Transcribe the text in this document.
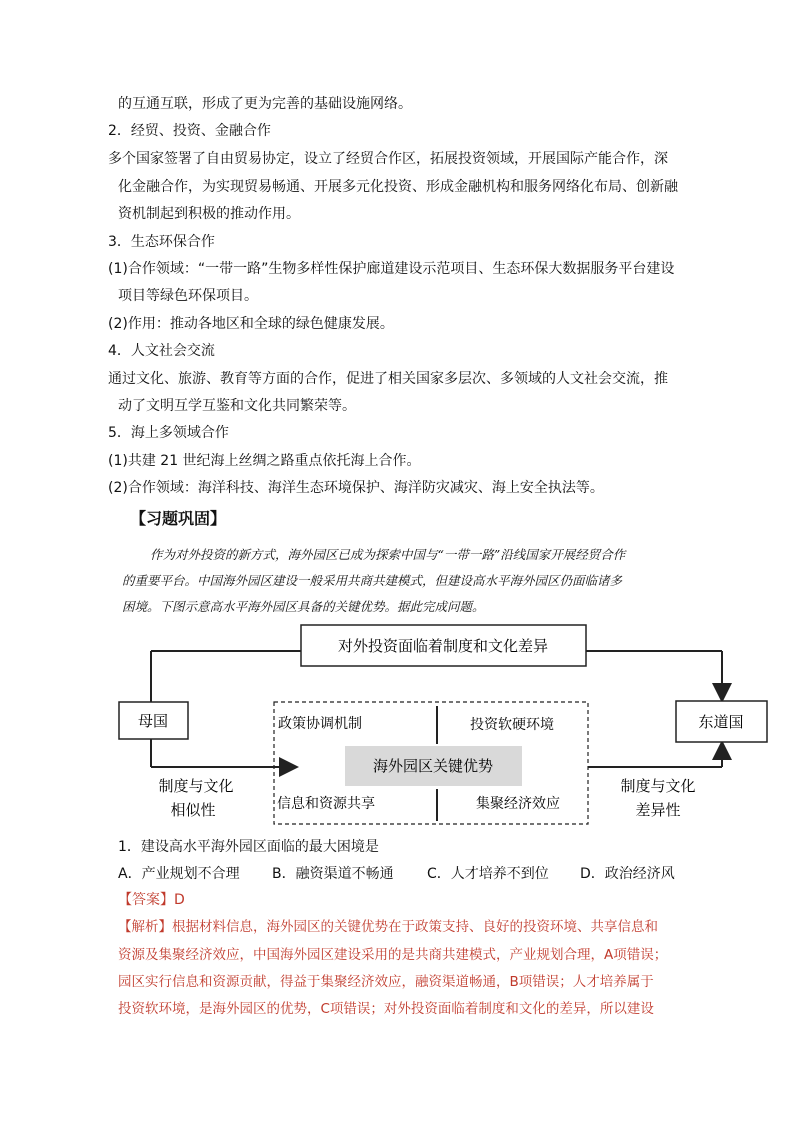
的互通互联，形成了更为完善的基础设施网络。
2．经贸、投资、金融合作
多个国家签署了自由贸易协定，设立了经贸合作区，拓展投资领域，开展国际产能合作，深
化金融合作，为实现贸易畅通、开展多元化投资、形成金融机构和服务网络化布局、创新融
资机制起到积极的推动作用。
3．生态环保合作
(1)合作领域：“一带一路”生物多样性保护廊道建设示范项目、生态环保大数据服务平台建设
项目等绿色环保项目。
(2)作用：推动各地区和全球的绿色健康发展。
4．人文社会交流
通过文化、旅游、教育等方面的合作，促进了相关国家多层次、多领域的人文社会交流，推
动了文明互学互鉴和文化共同繁荣等。
5．海上多领域合作
(1)共建 21 世纪海上丝绸之路重点依托海上合作。
(2)合作领域：海洋科技、海洋生态环境保护、海洋防灾减灾、海上安全执法等。
【习题巩固】
作为对外投资的新方式，海外园区已成为探索中国与“一带一路”沿线国家开展经贸合作
的重要平台。中国海外园区建设一般采用共商共建模式，但建设高水平海外园区仍面临诸多
困境。下图示意高水平海外园区具备的关键优势。据此完成问题。
对外投资面临着制度和文化差异
母国	东道国
政策协调机制	投资软硬环境
信息和资源共享	集聚经济效应
海外园区关键优势
制度与文化
相似性
制度与文化
差异性
1．建设高水平海外园区面临的最大困境是
A．产业规划不合理 B．融资渠道不畅通 C．人才培养不到位 D．政治经济风
【答案】D
【解析】根据材料信息，海外园区的关键优势在于政策支持、良好的投资环境、共享信息和
资源及集聚经济效应，中国海外园区建设采用的是共商共建模式，产业规划合理，A项错误；
园区实行信息和资源贡献，得益于集聚经济效应，融资渠道畅通，B项错误；人才培养属于
投资软环境，是海外园区的优势，C项错误；对外投资面临着制度和文化的差异，所以建设
